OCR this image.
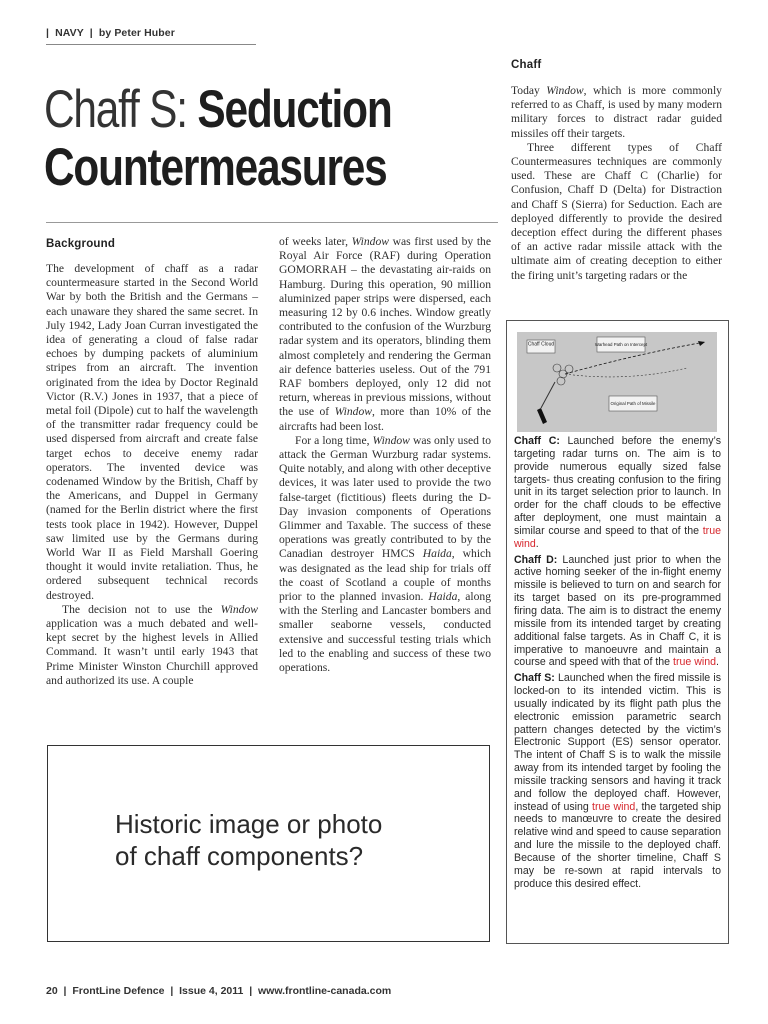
|  NAVY  |  by Peter Huber
Chaff S: Seduction
Countermeasures
Background

The development of chaff as a radar countermeasure started in the Second World War by both the British and the Germans – each unaware they shared the same secret. In July 1942, Lady Joan Curran investigated the idea of generating a cloud of false radar echoes by dumping packets of aluminium stripes from an aircraft. The invention originated from the idea by Doctor Reginald Victor (R.V.) Jones in 1937, that a piece of metal foil (Dipole) cut to half the wavelength of the transmitter radar frequency could be used dispersed from aircraft and create false target echos to deceive enemy radar operators. The invented device was codenamed Window by the British, Chaff by the Americans, and Duppel in Germany (named for the Berlin district where the first tests took place in 1942). However, Duppel saw limited use by the Germans during World War II as Field Marshall Goering thought it would invite retaliation. Thus, he ordered subsequent technical records destroyed.

The decision not to use the Window application was a much debated and well-kept secret by the highest levels in Allied Command. It wasn’t until early 1943 that Prime Minister Winston Churchill approved and authorized its use. A couple

of weeks later, Window was first used by the Royal Air Force (RAF) during Operation GOMORRAH – the devastating air-raids on Hamburg. During this operation, 90 million aluminized paper strips were dispersed, each measuring 12 by 0.6 inches. Window greatly contributed to the confusion of the Wurzburg radar system and its operators, blinding them almost completely and rendering the German air defence batteries useless. Out of the 791 RAF bombers deployed, only 12 did not return, whereas in previous missions, without the use of Window, more than 10% of the aircrafts had been lost.

For a long time, Window was only used to attack the German Wurzburg radar systems. Quite notably, and along with other deceptive devices, it was later used to provide the two false-target (fictitious) fleets during the D-Day invasion components of Operations Glimmer and Taxable. The success of these operations was greatly contributed to by the Canadian destroyer HMCS Haida, which was designated as the lead ship for trials off the coast of Scotland a couple of months prior to the planned invasion. Haida, along with the Sterling and Lancaster bombers and smaller seaborne vessels, conducted extensive and successful testing trials which led to the enabling and success of these two operations.

Chaff

Today Window, which is more commonly referred to as Chaff, is used by many modern military forces to distract radar guided missiles off their targets.

Three different types of Chaff Countermeasures techniques are commonly used. These are Chaff C (Charlie) for Confusion, Chaff D (Delta) for Distraction and Chaff S (Sierra) for Seduction. Each are deployed differently to provide the desired deception effect during the different phases of an active radar missile attack with the ultimate aim of creating deception to either the firing unit’s targeting radars or the

Chaff Cloud	Warhead Path on Intercept
Original Path of Missile

Chaff C: Launched before the enemy’s targeting radar turns on. The aim is to provide numerous equally sized false targets- thus creating confusion to the firing unit in its target selection prior to launch. In order for the chaff clouds to be effective after deployment, one must maintain a similar course and speed to that of the true wind.

Chaff D: Launched just prior to when the active homing seeker of the in-flight enemy missile is believed to turn on and search for its target based on its pre-programmed firing data. The aim is to distract the enemy missile from its intended target by creating additional false targets. As in Chaff C, it is imperative to manoeuvre and maintain a course and speed with that of the true wind.

Chaff S: Launched when the fired missile is locked-on to its intended victim. This is usually indicated by its flight path plus the electronic emission parametric search pattern changes detected by the victim’s Electronic Support (ES) sensor operator. The intent of Chaff S is to walk the missile away from its intended target by fooling the missile tracking sensors and having it track and follow the deployed chaff. However, instead of using true wind, the targeted ship needs to manœuvre to create the desired relative wind and speed to cause separation and lure the missile to the deployed chaff. Because of the shorter timeline, Chaff S may be re-sown at rapid intervals to produce this desired effect.

Historic image or photo
of chaff components?
20  |  FrontLine Defence  |  Issue 4, 2011  |  www.frontline-canada.com
